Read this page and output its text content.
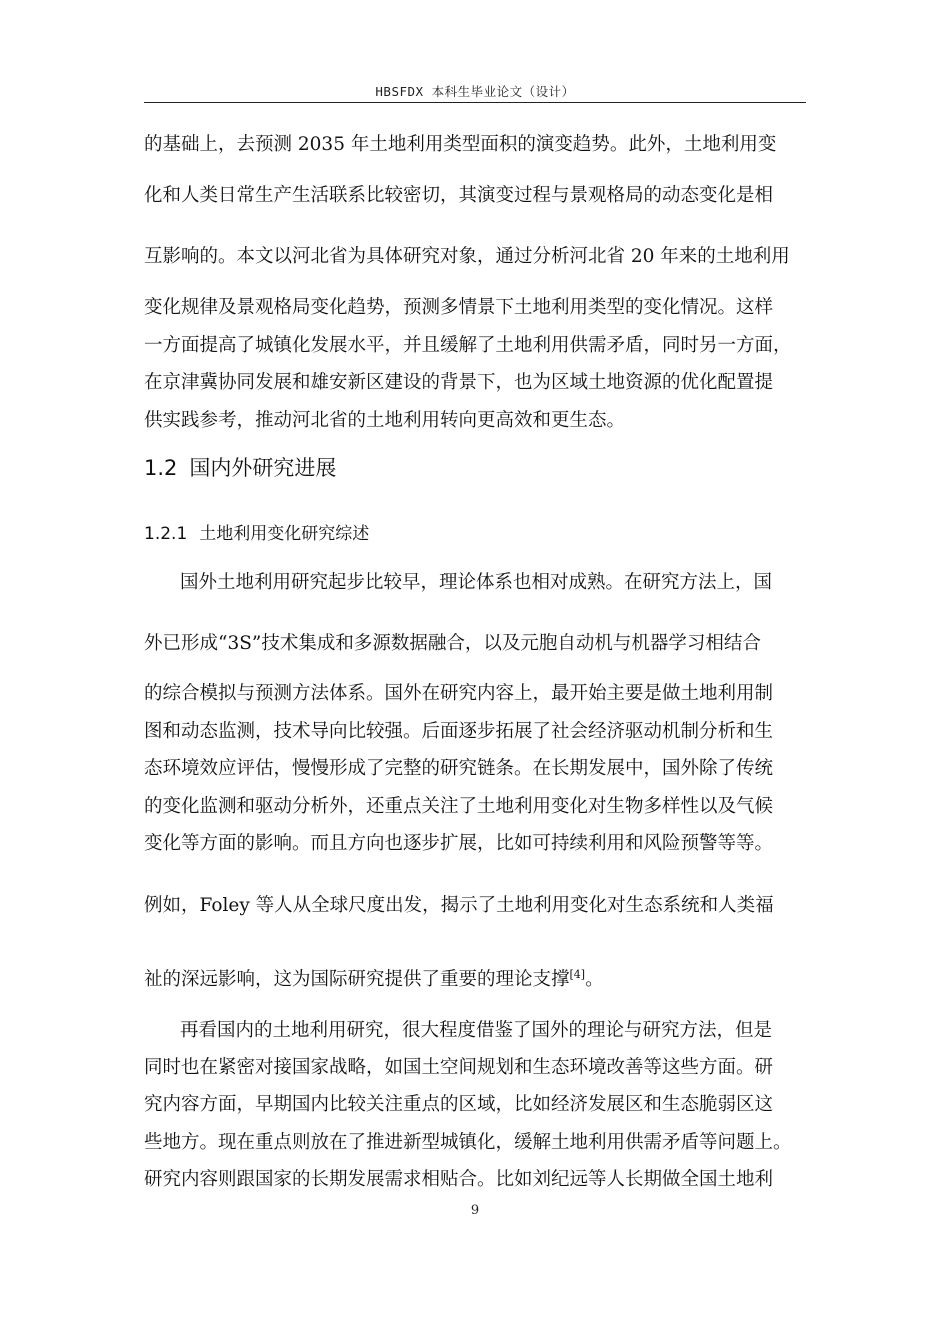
HBSFDX 本科生毕业论文（设计）
的基础上，去预测 2035 年土地利用类型面积的演变趋势。此外，土地利用变
化和人类日常生产生活联系比较密切，其演变过程与景观格局的动态变化是相
互影响的。本文以河北省为具体研究对象，通过分析河北省 20 年来的土地利用
变化规律及景观格局变化趋势，预测多情景下土地利用类型的变化情况。这样
一方面提高了城镇化发展水平，并且缓解了土地利用供需矛盾，同时另一方面，
在京津冀协同发展和雄安新区建设的背景下，也为区域土地资源的优化配置提
供实践参考，推动河北省的土地利用转向更高效和更生态。
1.2 国内外研究进展
1.2.1 土地利用变化研究综述
国外土地利用研究起步比较早，理论体系也相对成熟。在研究方法上，国
外已形成“3S”技术集成和多源数据融合，以及元胞自动机与机器学习相结合
的综合模拟与预测方法体系。国外在研究内容上，最开始主要是做土地利用制
图和动态监测，技术导向比较强。后面逐步拓展了社会经济驱动机制分析和生
态环境效应评估，慢慢形成了完整的研究链条。在长期发展中，国外除了传统
的变化监测和驱动分析外，还重点关注了土地利用变化对生物多样性以及气候
变化等方面的影响。而且方向也逐步扩展，比如可持续利用和风险预警等等。
例如，Foley 等人从全球尺度出发，揭示了土地利用变化对生态系统和人类福
祉的深远影响，这为国际研究提供了重要的理论支撑[4]。
再看国内的土地利用研究，很大程度借鉴了国外的理论与研究方法，但是
同时也在紧密对接国家战略，如国土空间规划和生态环境改善等这些方面。研
究内容方面，早期国内比较关注重点的区域，比如经济发展区和生态脆弱区这
些地方。现在重点则放在了推进新型城镇化，缓解土地利用供需矛盾等问题上。
研究内容则跟国家的长期发展需求相贴合。比如刘纪远等人长期做全国土地利
9
